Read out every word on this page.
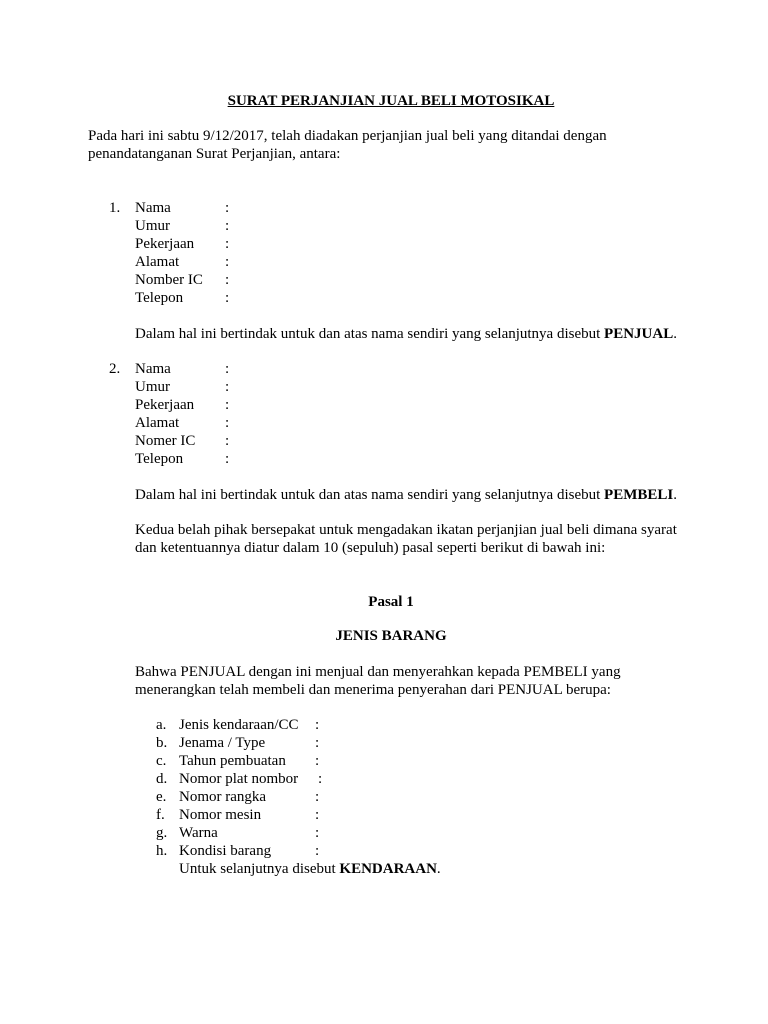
SURAT PERJANJIAN JUAL BELI MOTOSIKAL
Pada hari ini sabtu 9/12/2017, telah diadakan perjanjian jual beli yang ditandai dengan
penandatanganan Surat Perjanjian, antara:
1. Nama	:
Umur	:
Pekerjaan :
Alamat	:
Nomber IC :
Telepon	:
Dalam hal ini bertindak untuk dan atas nama sendiri yang selanjutnya disebut PENJUAL.
2. Nama	:
Umur	:
Pekerjaan :
Alamat	:
Nomer IC :
Telepon	:
Dalam hal ini bertindak untuk dan atas nama sendiri yang selanjutnya disebut PEMBELI.
Kedua belah pihak bersepakat untuk mengadakan ikatan perjanjian jual beli dimana syarat
dan ketentuannya diatur dalam 10 (sepuluh) pasal seperti berikut di bawah ini:
Pasal 1
JENIS BARANG
Bahwa PENJUAL dengan ini menjual dan menyerahkan kepada PEMBELI yang
menerangkan telah membeli dan menerima penyerahan dari PENJUAL berupa:
a. Jenis kendaraan/CC :
b. Jenama / Type	:
c. Tahun pembuatan :
d. Nomor plat nombor :
e. Nomor rangka	:
f. Nomor mesin	:
g. Warna	:
h. Kondisi barang	:
Untuk selanjutnya disebut KENDARAAN.
